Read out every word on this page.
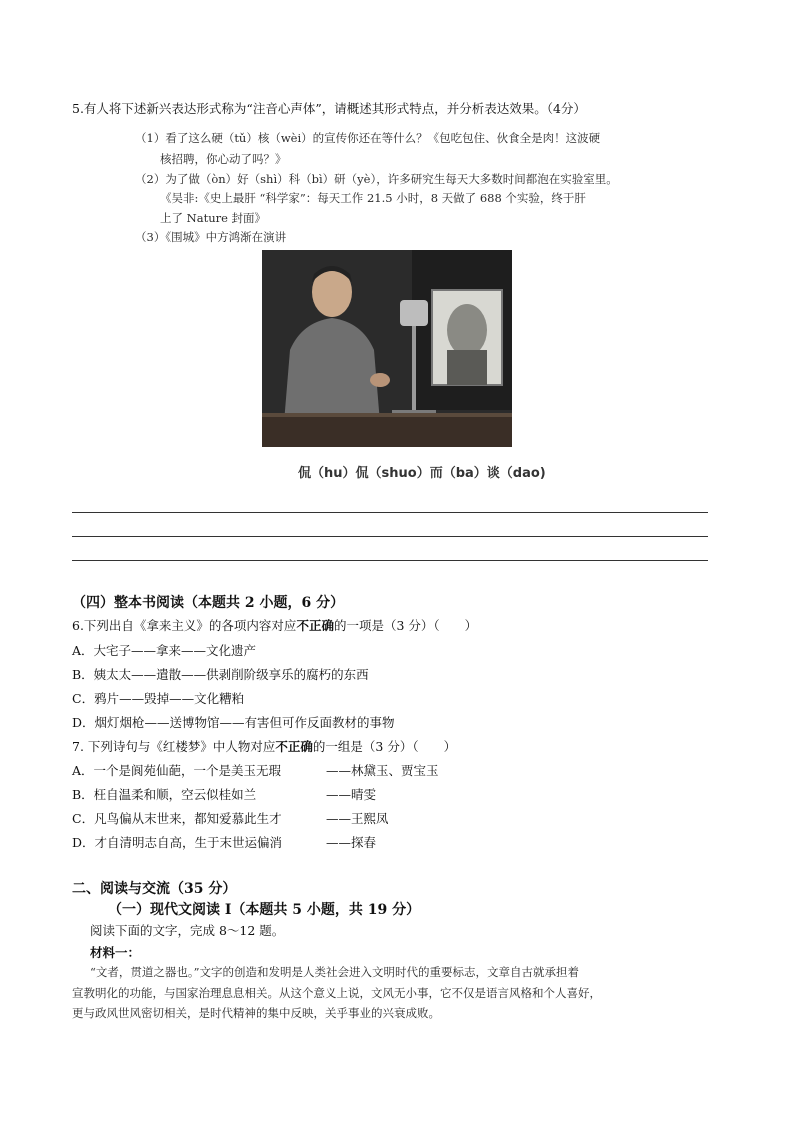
5.有人将下述新兴表达形式称为“注音心声体”，请概述其形式特点，并分析表达效果。（4分）
（1）看了这么硬（tǔ）核（wèi）的宣传你还在等什么？《包吃包住、伙食全是肉！这波硬
核招聘，你心动了吗？》
（2）为了做（òn）好（shì）科（bì）研（yè），许多研究生每天大多数时间都泡在实验室里。
《吴非:《史上最肝 “科学家”：每天工作 21.5 小时，8 天做了 688 个实验，终于肝
上了 Nature 封面》
（3）《围城》中方鸿渐在演讲
侃（hu）侃（shuo）而（ba）谈（dao)
（四）整本书阅读（本题共 2 小题，6 分）
6.下列出自《拿来主义》的各项内容对应不正确的一项是（3 分）（　　）
A．大宅子——拿来——文化遗产
B．姨太太——遣散——供剥削阶级享乐的腐朽的东西
C．鸦片——毁掉——文化糟粕
D．烟灯烟枪——送博物馆——有害但可作反面教材的事物
7. 下列诗句与《红楼梦》中人物对应不正确的一组是（3 分）（　　）
A．一个是阆苑仙葩，一个是美玉无瑕	——林黛玉、贾宝玉
B．枉自温柔和顺，空云似桂如兰	——晴雯
C．凡鸟偏从末世来，都知爱慕此生才	——王熙凤
D．才自清明志自高，生于末世运偏消	——探春
二、阅读与交流（35 分）
（一）现代文阅读 I（本题共 5 小题，共 19 分）
阅读下面的文字，完成 8～12 题。
材料一：
“文者，贯道之器也。”文字的创造和发明是人类社会进入文明时代的重要标志，文章自古就承担着
宣教明化的功能，与国家治理息息相关。从这个意义上说，文风无小事，它不仅是语言风格和个人喜好，
更与政风世风密切相关，是时代精神的集中反映，关乎事业的兴衰成败。
